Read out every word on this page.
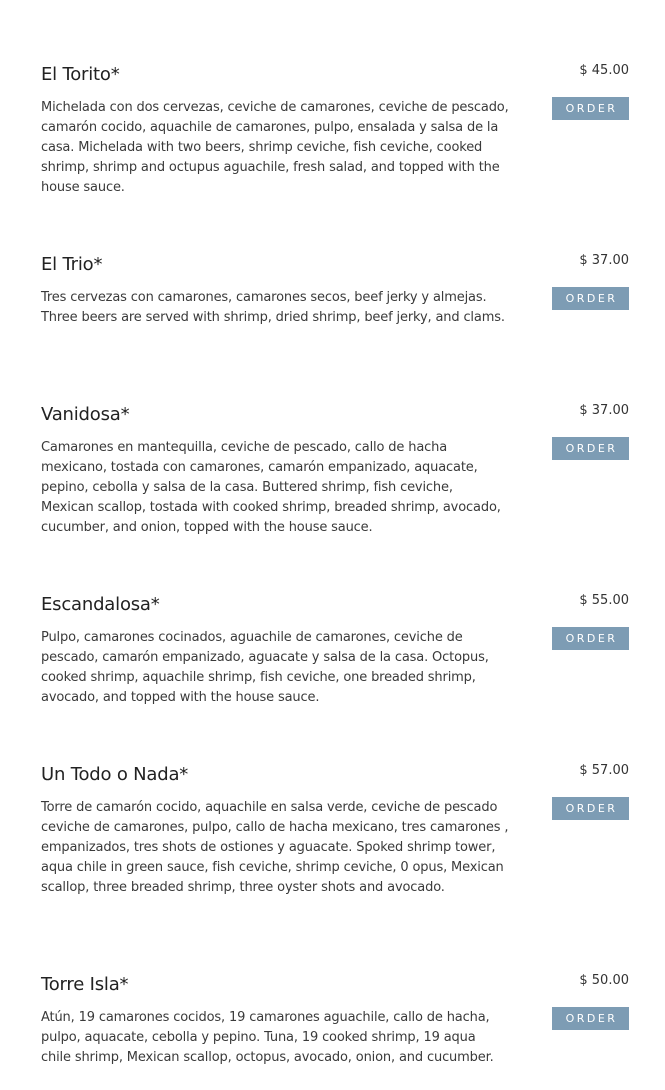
El Torito*	$ 45.00
ORDER
Michelada con dos cervezas, ceviche de camarones, ceviche de pescado, camarón cocido, aquachile de camarones, pulpo, ensalada y salsa de la casa. Michelada with two beers, shrimp ceviche, fish ceviche, cooked shrimp, shrimp and octupus aguachile, fresh salad, and topped with the house sauce.
El Trio*	$ 37.00
ORDER
Tres cervezas con camarones, camarones secos, beef jerky y almejas. Three beers are served with shrimp, dried shrimp, beef jerky, and clams.
Vanidosa*	$ 37.00
ORDER
Camarones en mantequilla, ceviche de pescado, callo de hacha mexicano, tostada con camarones, camarón empanizado, aquacate, pepino, cebolla y salsa de la casa. Buttered shrimp, fish ceviche, Mexican scallop, tostada with cooked shrimp, breaded shrimp, avocado, cucumber, and onion, topped with the house sauce.
Escandalosa*	$ 55.00
ORDER
Pulpo, camarones cocinados, aguachile de camarones, ceviche de pescado, camarón empanizado, aguacate y salsa de la casa. Octopus, cooked shrimp, aquachile shrimp, fish ceviche, one breaded shrimp, avocado, and topped with the house sauce.
Un Todo o Nada*	$ 57.00
ORDER
Torre de camarón cocido, aquachile en salsa verde, ceviche de pescado ceviche de camarones, pulpo, callo de hacha mexicano, tres camarones , empanizados, tres shots de ostiones y aguacate. Spoked shrimp tower, aqua chile in green sauce, fish ceviche, shrimp ceviche, 0 opus, Mexican scallop, three breaded shrimp, three oyster shots and avocado.
Torre Isla*	$ 50.00
ORDER
Atún, 19 camarones cocidos, 19 camarones aguachile, callo de hacha, pulpo, aquacate, cebolla y pepino. Tuna, 19 cooked shrimp, 19 aqua chile shrimp, Mexican scallop, octopus, avocado, onion, and cucumber.
